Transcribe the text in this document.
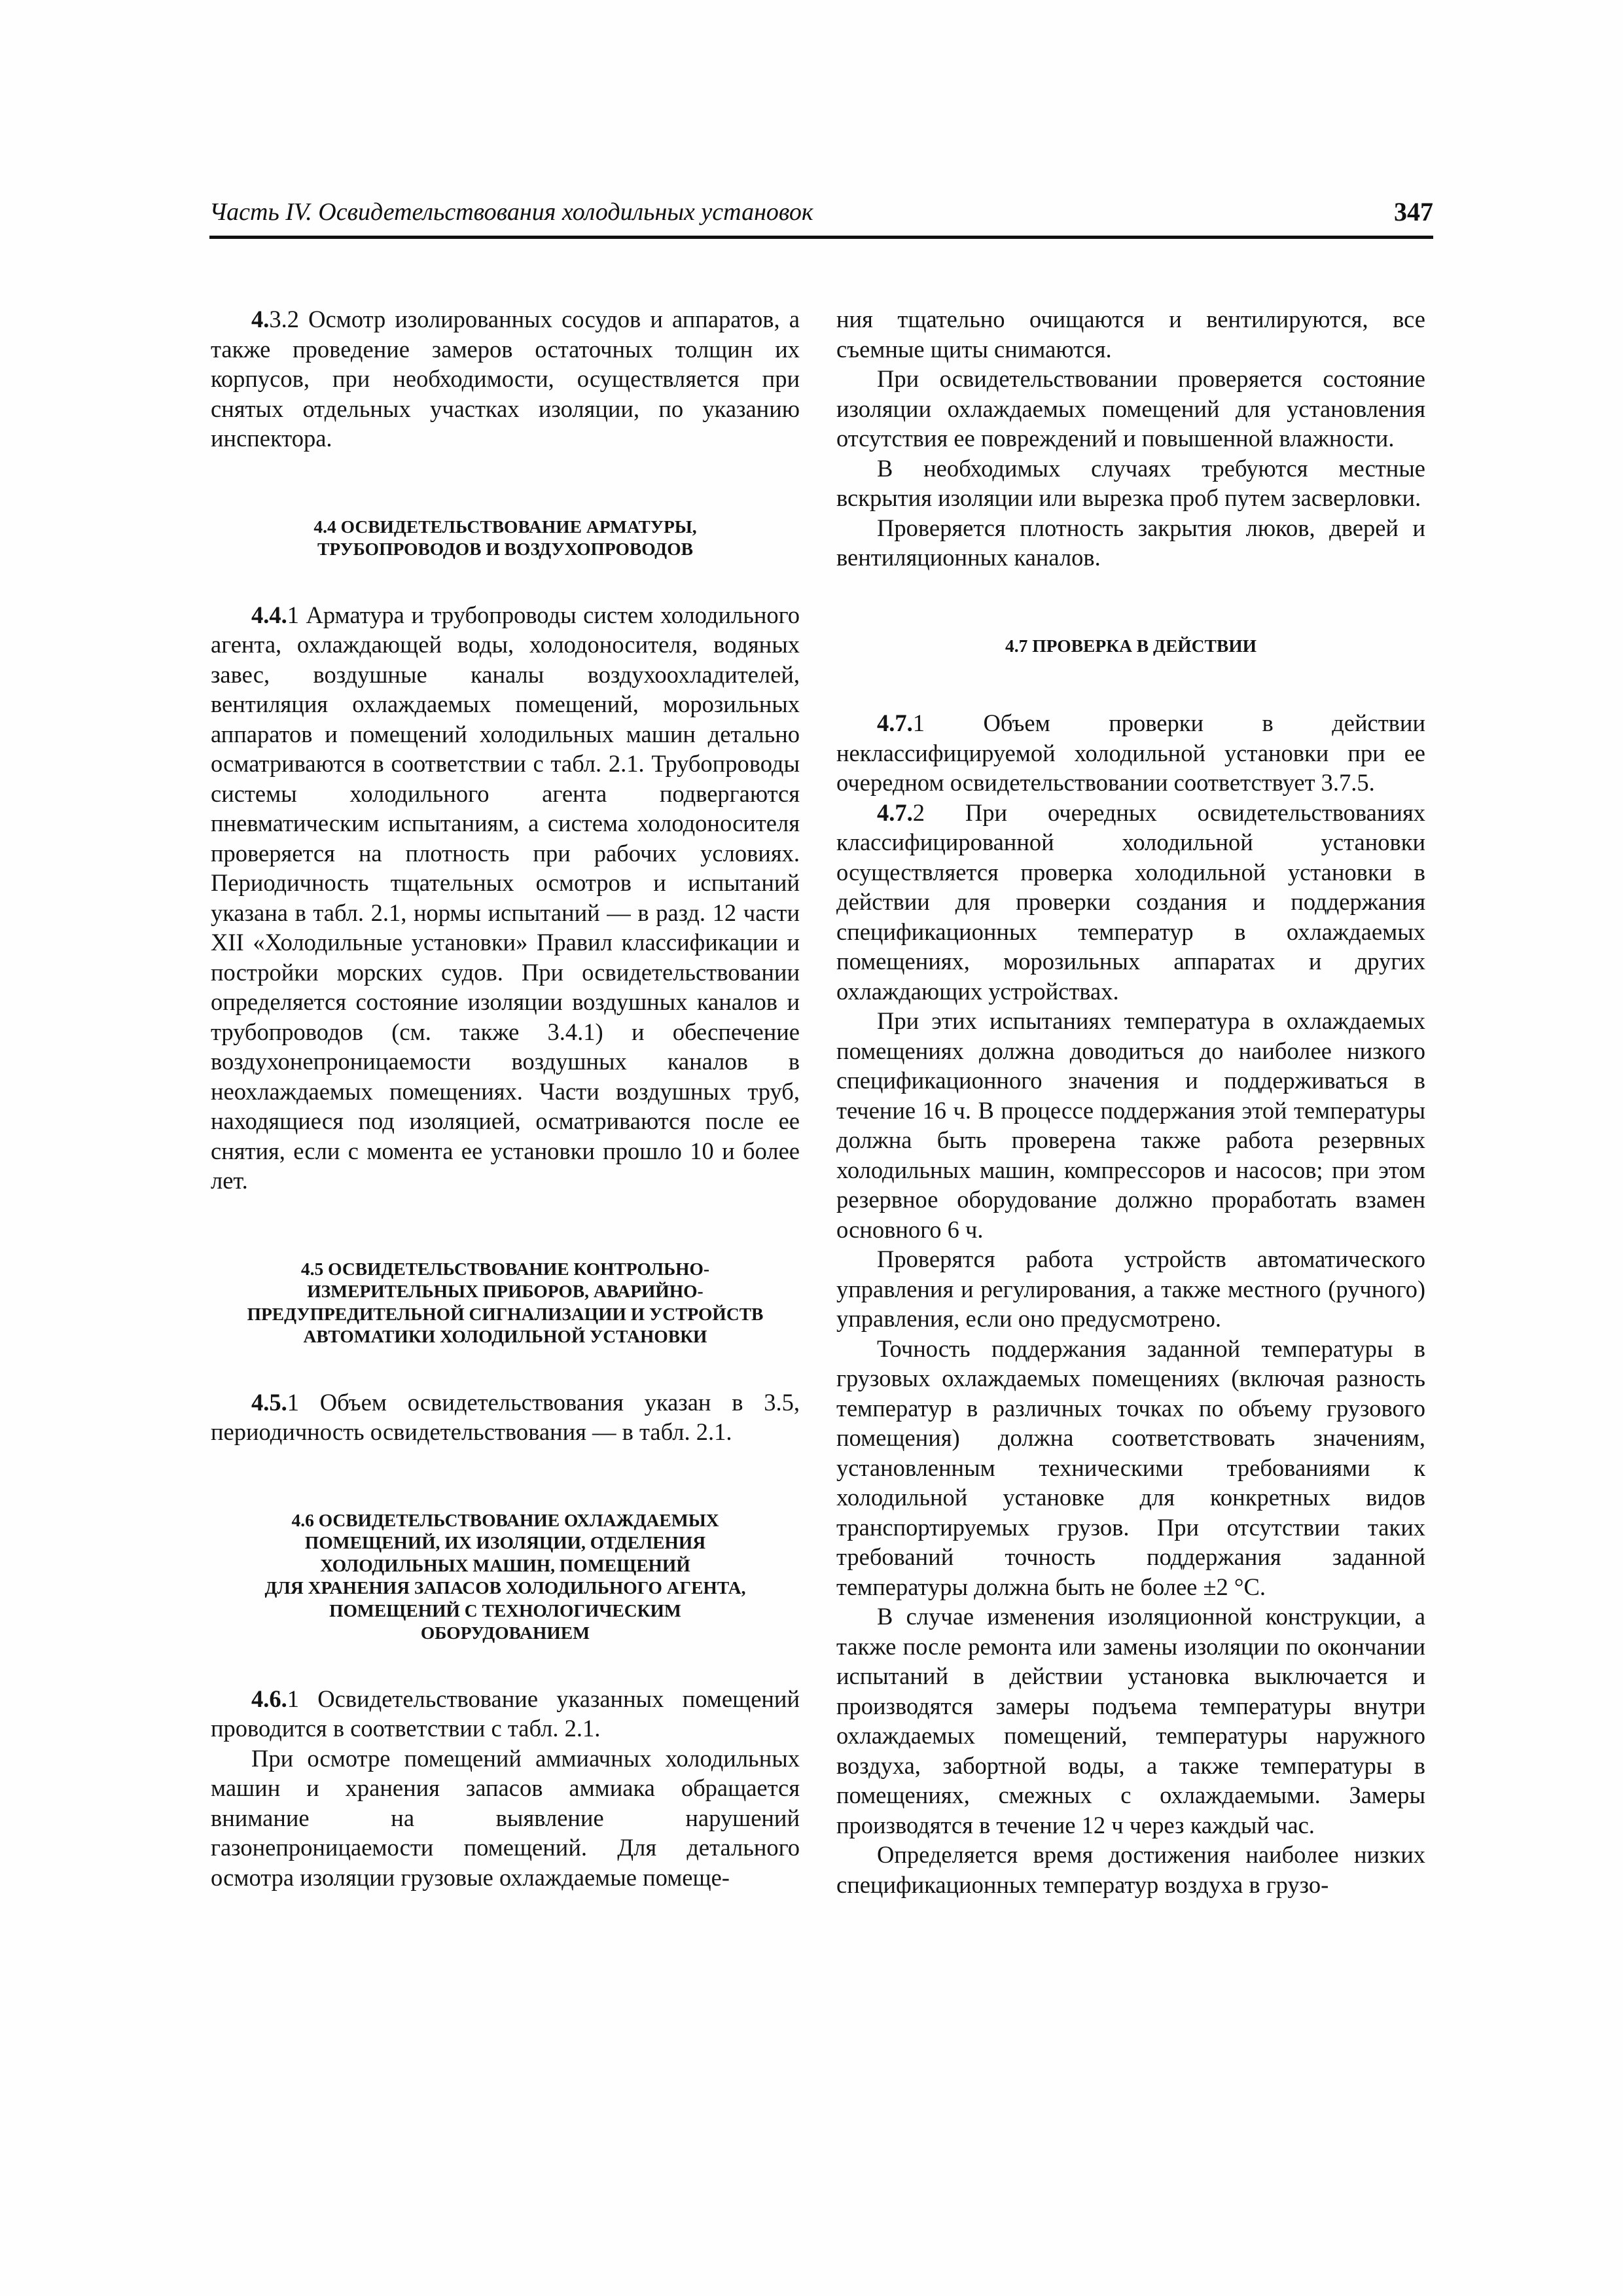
Часть IV. Освидетельствования холодильных установок	347

4.3.2 Осмотр изолированных сосудов и аппаратов, а также проведение замеров остаточных толщин их корпусов, при необходимости, осуществляется при снятых отдельных участках изоляции, по указанию инспектора.

4.4 ОСВИДЕТЕЛЬСТВОВАНИЕ АРМАТУРЫ,
ТРУБОПРОВОДОВ И ВОЗДУХОПРОВОДОВ

4.4.1 Арматура и трубопроводы систем холодильного агента, охлаждающей воды, холодоносителя, водяных завес, воздушные каналы воздухоохладителей, вентиляция охлаждаемых помещений, морозильных аппаратов и помещений холодильных машин детально осматриваются в соответствии с табл. 2.1. Трубопроводы системы холодильного агента подвергаются пневматическим испытаниям, а система холодоносителя проверяется на плотность при рабочих условиях. Периодичность тщательных осмотров и испытаний указана в табл. 2.1, нормы испытаний — в разд. 12 части XII «Холодильные установки» Правил классификации и постройки морских судов. При освидетельствовании определяется состояние изоляции воздушных каналов и трубопроводов (см. также 3.4.1) и обеспечение воздухонепроницаемости воздушных каналов в неохлаждаемых помещениях. Части воздушных труб, находящиеся под изоляцией, осматриваются после ее снятия, если с момента ее установки прошло 10 и более лет.

4.5 ОСВИДЕТЕЛЬСТВОВАНИЕ КОНТРОЛЬНО-
ИЗМЕРИТЕЛЬНЫХ ПРИБОРОВ, АВАРИЙНО-
ПРЕДУПРЕДИТЕЛЬНОЙ СИГНАЛИЗАЦИИ И УСТРОЙСТВ
АВТОМАТИКИ ХОЛОДИЛЬНОЙ УСТАНОВКИ

4.5.1 Объем освидетельствования указан в 3.5, периодичность освидетельствования — в табл. 2.1.

4.6 ОСВИДЕТЕЛЬСТВОВАНИЕ ОХЛАЖДАЕМЫХ
ПОМЕЩЕНИЙ, ИХ ИЗОЛЯЦИИ, ОТДЕЛЕНИЯ
ХОЛОДИЛЬНЫХ МАШИН, ПОМЕЩЕНИЙ
ДЛЯ ХРАНЕНИЯ ЗАПАСОВ ХОЛОДИЛЬНОГО АГЕНТА,
ПОМЕЩЕНИЙ С ТЕХНОЛОГИЧЕСКИМ
ОБОРУДОВАНИЕМ

4.6.1 Освидетельствование указанных помещений проводится в соответствии с табл. 2.1.

При осмотре помещений аммиачных холодильных машин и хранения запасов аммиака обращается внимание на выявление нарушений газонепроницаемости помещений. Для детального осмотра изоляции грузовые охлаждаемые помеще-

ния тщательно очищаются и вентилируются, все съемные щиты снимаются.

При освидетельствовании проверяется состояние изоляции охлаждаемых помещений для установления отсутствия ее повреждений и повышенной влажности.

В необходимых случаях требуются местные вскрытия изоляции или вырезка проб путем засверловки.

Проверяется плотность закрытия люков, дверей и вентиляционных каналов.

4.7 ПРОВЕРКА В ДЕЙСТВИИ

4.7.1 Объем проверки в действии неклассифицируемой холодильной установки при ее очередном освидетельствовании соответствует 3.7.5.

4.7.2 При очередных освидетельствованиях классифицированной холодильной установки осуществляется проверка холодильной установки в действии для проверки создания и поддержания спецификационных температур в охлаждаемых помещениях, морозильных аппаратах и других охлаждающих устройствах.

При этих испытаниях температура в охлаждаемых помещениях должна доводиться до наиболее низкого спецификационного значения и поддерживаться в течение 16 ч. В процессе поддержания этой температуры должна быть проверена также работа резервных холодильных машин, компрессоров и насосов; при этом резервное оборудование должно проработать взамен основного 6 ч.

Проверятся работа устройств автоматического управления и регулирования, а также местного (ручного) управления, если оно предусмотрено.

Точность поддержания заданной температуры в грузовых охлаждаемых помещениях (включая разность температур в различных точках по объему грузового помещения) должна соответствовать значениям, установленным техническими требованиями к холодильной установке для конкретных видов транспортируемых грузов. При отсутствии таких требований точность поддержания заданной температуры должна быть не более ±2 °С.

В случае изменения изоляционной конструкции, а также после ремонта или замены изоляции по окончании испытаний в действии установка выключается и производятся замеры подъема температуры внутри охлаждаемых помещений, температуры наружного воздуха, забортной воды, а также температуры в помещениях, смежных с охлаждаемыми. Замеры производятся в течение 12 ч через каждый час.

Определяется время достижения наиболее низких спецификационных температур воздуха в грузо-
